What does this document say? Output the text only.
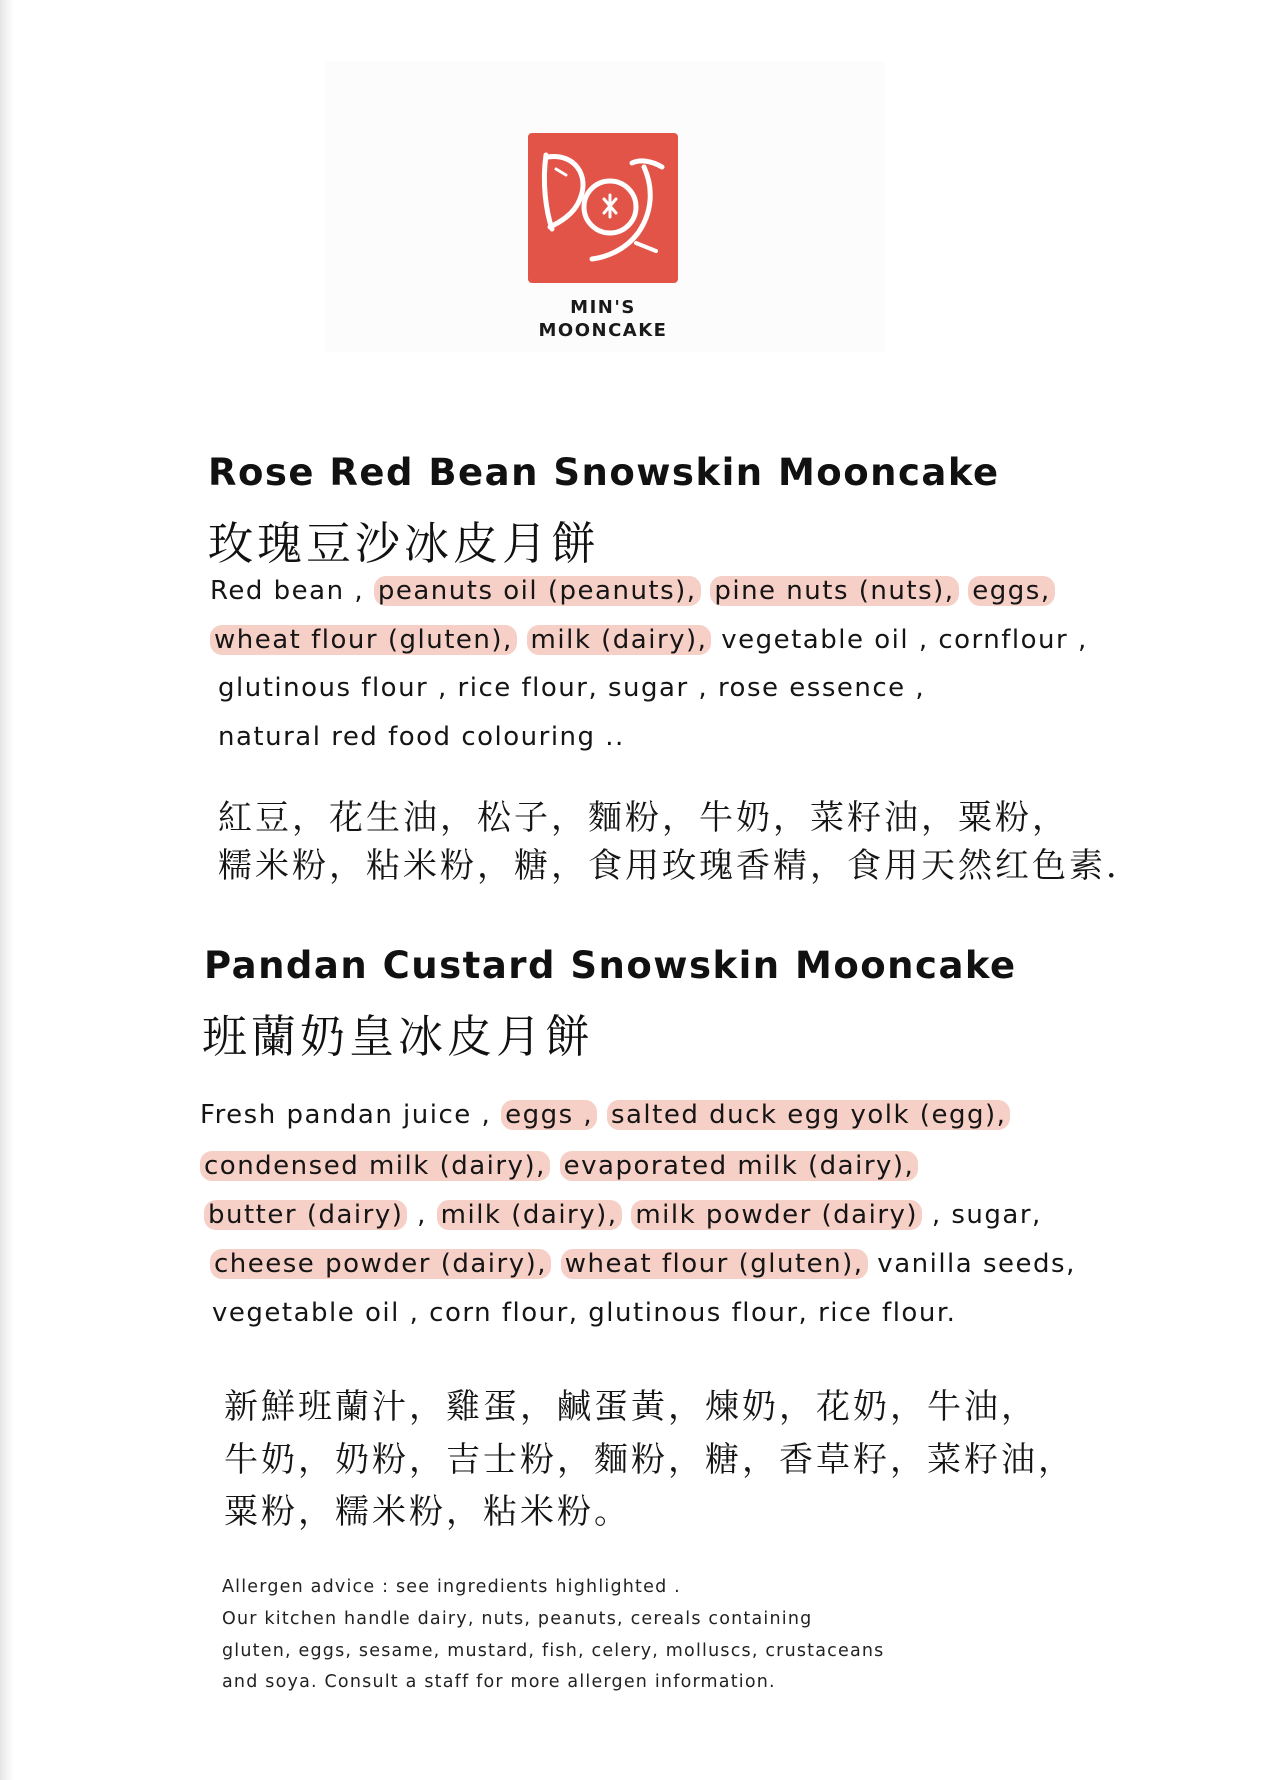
MIN'S
MOONCAKE
Rose Red Bean Snowskin Mooncake
玫瑰豆沙冰皮月餅
Red bean , peanuts oil (peanuts), pine nuts (nuts), eggs,
wheat flour (gluten), milk (dairy), vegetable oil , cornflour ,
glutinous flour , rice flour, sugar , rose essence ,
natural red food colouring ..
紅豆，花生油，松子，麵粉，牛奶，菜籽油，粟粉，
糯米粉，粘米粉，糖，食用玫瑰香精，食用天然红色素．
Pandan Custard Snowskin Mooncake
班蘭奶皇冰皮月餅
Fresh pandan juice , eggs , salted duck egg yolk (egg),
condensed milk (dairy), evaporated milk (dairy),
butter (dairy) , milk (dairy), milk powder (dairy) , sugar,
cheese powder (dairy), wheat flour (gluten), vanilla seeds,
vegetable oil , corn flour, glutinous flour, rice flour.
新鮮班蘭汁，雞蛋，鹹蛋黃，煉奶，花奶，牛油，
牛奶，奶粉，吉士粉，麵粉，糖，香草籽，菜籽油，
粟粉，糯米粉，粘米粉。
Allergen advice : see ingredients highlighted .
Our kitchen handle dairy, nuts, peanuts, cereals containing
gluten, eggs, sesame, mustard, fish, celery, molluscs, crustaceans
and soya. Consult a staff for more allergen information.
